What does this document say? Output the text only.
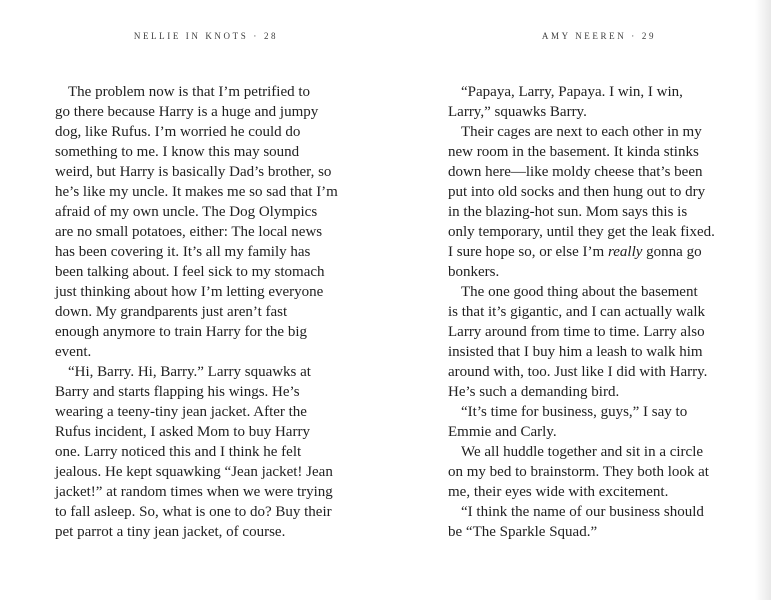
NELLIE IN KNOTS · 28

The problem now is that I’m petrified to
go there because Harry is a huge and jumpy
dog, like Rufus. I’m worried he could do
something to me. I know this may sound
weird, but Harry is basically Dad’s brother, so
he’s like my uncle. It makes me so sad that I’m
afraid of my own uncle. The Dog Olympics
are no small potatoes, either: The local news
has been covering it. It’s all my family has
been talking about. I feel sick to my stomach
just thinking about how I’m letting everyone
down. My grandparents just aren’t fast
enough anymore to train Harry for the big
event.

“Hi, Barry. Hi, Barry.” Larry squawks at
Barry and starts flapping his wings. He’s
wearing a teeny-tiny jean jacket. After the
Rufus incident, I asked Mom to buy Harry
one. Larry noticed this and I think he felt
jealous. He kept squawking “Jean jacket! Jean
jacket!” at random times when we were trying
to fall asleep. So, what is one to do? Buy their
pet parrot a tiny jean jacket, of course.

AMY NEEREN · 29

“Papaya, Larry, Papaya. I win, I win,
Larry,” squawks Barry.

Their cages are next to each other in my
new room in the basement. It kinda stinks
down here—like moldy cheese that’s been
put into old socks and then hung out to dry
in the blazing-hot sun. Mom says this is
only temporary, until they get the leak fixed.
I sure hope so, or else I’m really gonna go
bonkers.

The one good thing about the basement
is that it’s gigantic, and I can actually walk
Larry around from time to time. Larry also
insisted that I buy him a leash to walk him
around with, too. Just like I did with Harry.
He’s such a demanding bird.

“It’s time for business, guys,” I say to
Emmie and Carly.

We all huddle together and sit in a circle
on my bed to brainstorm. They both look at
me, their eyes wide with excitement.

“I think the name of our business should
be “The Sparkle Squad.”
